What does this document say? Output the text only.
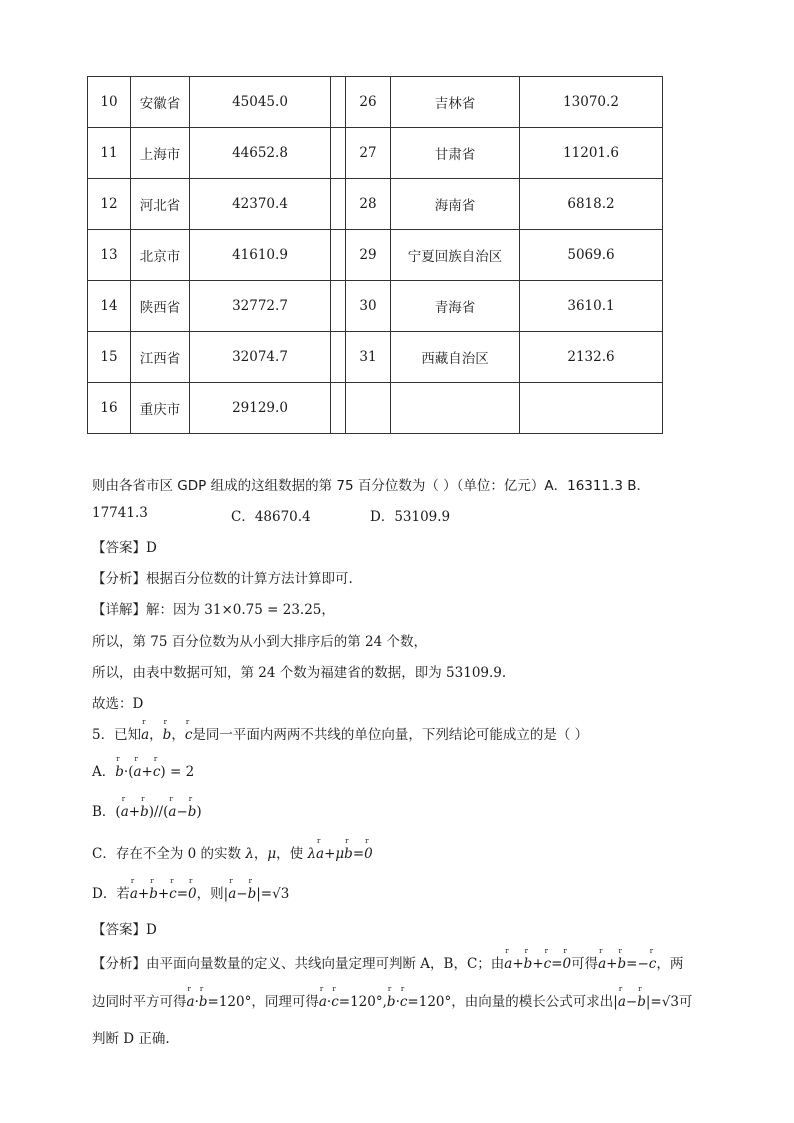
10	安徽省	45045.0		26	吉林省	13070.2
11	上海市	44652.8		27	甘肃省	11201.6
12	河北省	42370.4		28	海南省	6818.2
13	北京市	41610.9		29	宁夏回族自治区	5069.6
14	陕西省	32772.7		30	青海省	3610.1
15	江西省	32074.7		31	西藏自治区	2132.6
16	重庆市	29129.0				
则由各省市区 GDP 组成的这组数据的第 75 百分位数为（ ）（单位：亿元）A．16311.3 B．
17741.3	C．48670.4	D．53109.9
【答案】D
【分析】根据百分位数的计算方法计算即可.
【详解】解：因为 31×0.75 = 23.25，
所以，第 75 百分位数为从小到大排序后的第 24 个数，
所以，由表中数据可知，第 24 个数为福建省的数据，即为 53109.9.
故选：D
5．已知r a，r b，r c是同一平面内两两不共线的单位向量，下列结论可能成立的是（ ）
A．r b·(r a+r c) = 2
B．(r a+r b)//(r a−r b)
C．存在不全为 0 的实数 λ，μ，使 λr a+μr b=r 0
D．若r a+r b+r c=r 0，则|r a−r b|=√3
【答案】D
【分析】由平面向量数量的定义、共线向量定理可判断 A，B，C；由r a+r b+r c=r 0可得r a+r b=−r c，两
边同时平方可得r a·r b=120°，同理可得r a·r c=120°,r b·r c=120°，由向量的模长公式可求出|r a−r b|=√3可
判断 D 正确.
